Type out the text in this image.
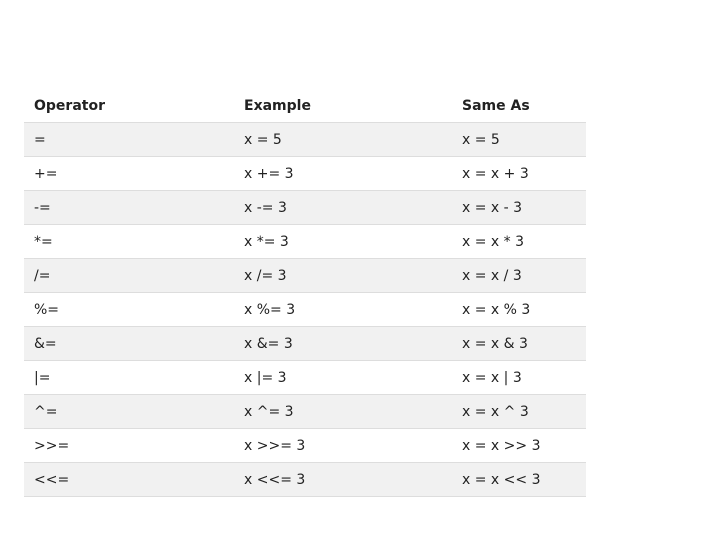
Operator	Example	Same As
=	x = 5	x = 5
+=	x += 3	x = x + 3
-=	x -= 3	x = x - 3
*=	x *= 3	x = x * 3
/=	x /= 3	x = x / 3
%=	x %= 3	x = x % 3
&=	x &= 3	x = x & 3
|=	x |= 3	x = x | 3
^=	x ^= 3	x = x ^ 3
>>=	x >>= 3	x = x >> 3
<<=	x <<= 3	x = x << 3
